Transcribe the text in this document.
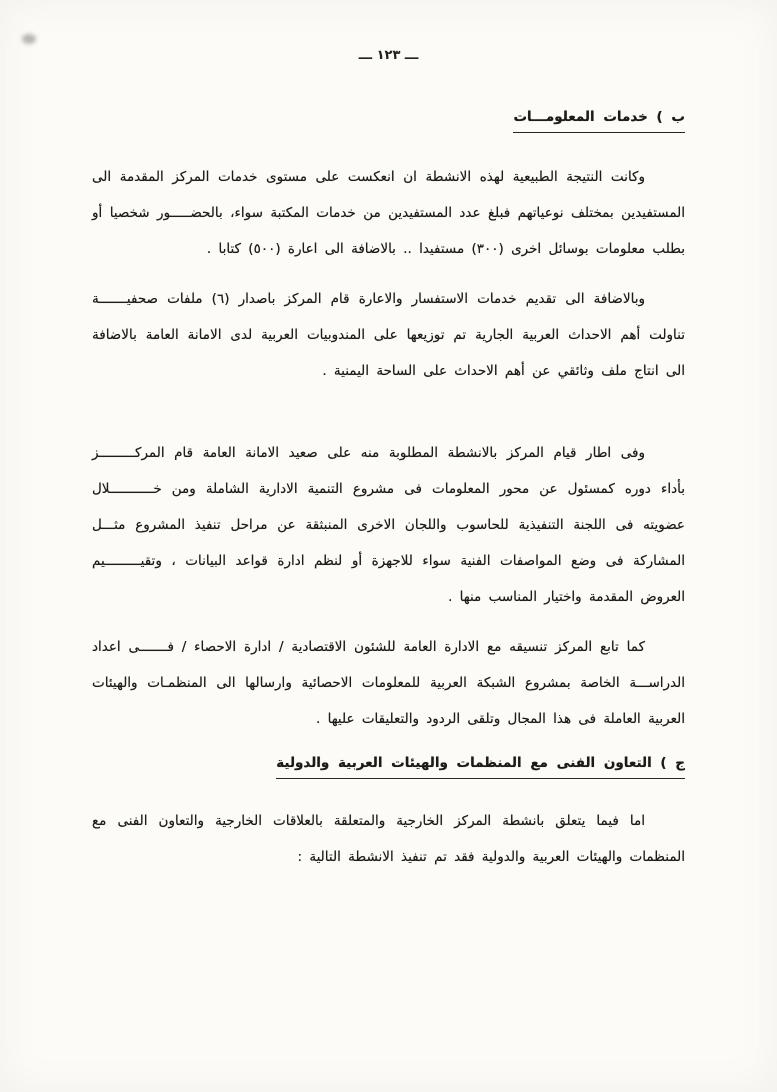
ـــ ١٢٣ ـــ
ب ) خدمات المعلومـــات

وكانت النتيجة الطبيعية لهذه الانشطة ان انعكست على مستوى خدمات المركز المقدمة الى المستفيدين بمختلف نوعياتهم فبلغ عدد المستفيدين من خدمات المكتبة سواء، بالحضـــــور شخصيا أو بطلب معلومات بوسائل اخرى (٣٠٠) مستفيدا .. بالاضافة الى اعارة (٥٠٠) كتابا .

وبالاضافة الى تقديم خدمات الاستفسار والاعارة قام المركز باصدار (٦) ملفات صحفيـــــــة تناولت أهم الاحداث العربية الجارية تم توزيعها على المندوبيات العربية لدى الامانة العامة بالاضافة الى انتاج ملف وثائقي عن أهم الاحداث على الساحة اليمنية .

وفى اطار قيام المركز بالانشطة المطلوبة منه على صعيد الامانة العامة قام المركـــــــــز بأداء دوره كمسئول عن محور المعلومات فى مشروع التنمية الادارية الشاملة ومن خـــــــــــلال عضويته فى اللجنة التنفيذية للحاسوب واللجان الاخرى المنبثقة عن مراحل تنفيذ المشروع مثـــل المشاركة فى وضع المواصفات الفنية سواء للاجهزة أو لنظم ادارة قواعد البيانات ، وتقيـــــــــيم العروض المقدمة واختيار المناسب منها .

كما تابع المركز تنسيقه مع الادارة العامة للشئون الاقتصادية / ادارة الاحصاء / فـــــــى اعداد الدراســـة الخاصة بمشروع الشبكة العربية للمعلومات الاحصائية وارسالها الى المنظمـات والهيئات العربية العاملة فى هذا المجال وتلقى الردود والتعليقات عليها .

ج ) التعاون الفنى مع المنظمات والهيئات العربية والدولية

اما فيما يتعلق بانشطة المركز الخارجية والمتعلقة بالعلاقات الخارجية والتعاون الفنى مع المنظمات والهيئات العربية والدولية فقد تم تنفيذ الانشطة التالية :
